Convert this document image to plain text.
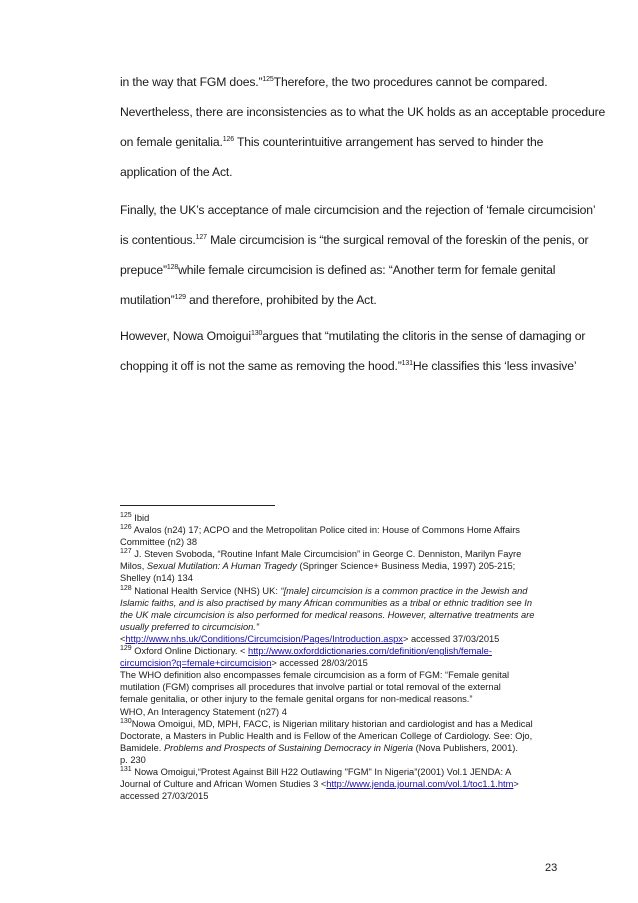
in the way that FGM does.”$^{125}$Therefore, the two procedures cannot be compared.
Nevertheless, there are inconsistencies as to what the UK holds as an acceptable procedure
on female genitalia.$^{126}$ This counterintuitive arrangement has served to hinder the
application of the Act.
Finally, the UK’s acceptance of male circumcision and the rejection of ‘female circumcision’
is contentious.$^{127}$ Male circumcision is “the surgical removal of the foreskin of the penis, or
prepuce”$^{128}$while female circumcision is defined as: “Another term for female genital
mutilation”$^{129}$ and therefore, prohibited by the Act.
However, Nowa Omoigui$^{130}$argues that “mutilating the clitoris in the sense of damaging or
chopping it off is not the same as removing the hood.”$^{131}$He classifies this ‘less invasive’
$^{125}$ Ibid
$^{126}$ Avalos (n24) 17; ACPO and the Metropolitan Police cited in: House of Commons Home Affairs
Committee (n2) 38
$^{127}$ J. Steven Svoboda, “Routine Infant Male Circumcision” in George C. Denniston, Marilyn Fayre
Milos, Sexual Mutilation: A Human Tragedy (Springer Science+ Business Media, 1997) 205-215;
Shelley (n14) 134
$^{128}$ National Health Service (NHS) UK: “[male] circumcision is a common practice in the Jewish and
Islamic faiths, and is also practised by many African communities as a tribal or ethnic tradition see In
the UK male circumcision is also performed for medical reasons. However, alternative treatments are
usually preferred to circumcision.”
<http://www.nhs.uk/Conditions/Circumcision/Pages/Introduction.aspx> accessed 37/03/2015
$^{129}$ Oxford Online Dictionary. < http://www.oxforddictionaries.com/definition/english/female-
circumcision?q=female+circumcision> accessed 28/03/2015
The WHO definition also encompasses female circumcision as a form of FGM: “Female genital
mutilation (FGM) comprises all procedures that involve partial or total removal of the external
female genitalia, or other injury to the female genital organs for non-medical reasons.”
WHO, An Interagency Statement (n27) 4
$^{130}$Nowa Omoigui, MD, MPH, FACC, is Nigerian military historian and cardiologist and has a Medical
Doctorate, a Masters in Public Health and is Fellow of the American College of Cardiology. See: Ojo,
Bamidele. Problems and Prospects of Sustaining Democracy in Nigeria (Nova Publishers, 2001).
p. 230
$^{131}$ Nowa Omoigui,“Protest Against Bill H22 Outlawing "FGM" In Nigeria”(2001) Vol.1 JENDA: A
Journal of Culture and African Women Studies 3 <http://www.jenda.journal.com/vol.1/toc1.1.htm>
accessed 27/03/2015
23
